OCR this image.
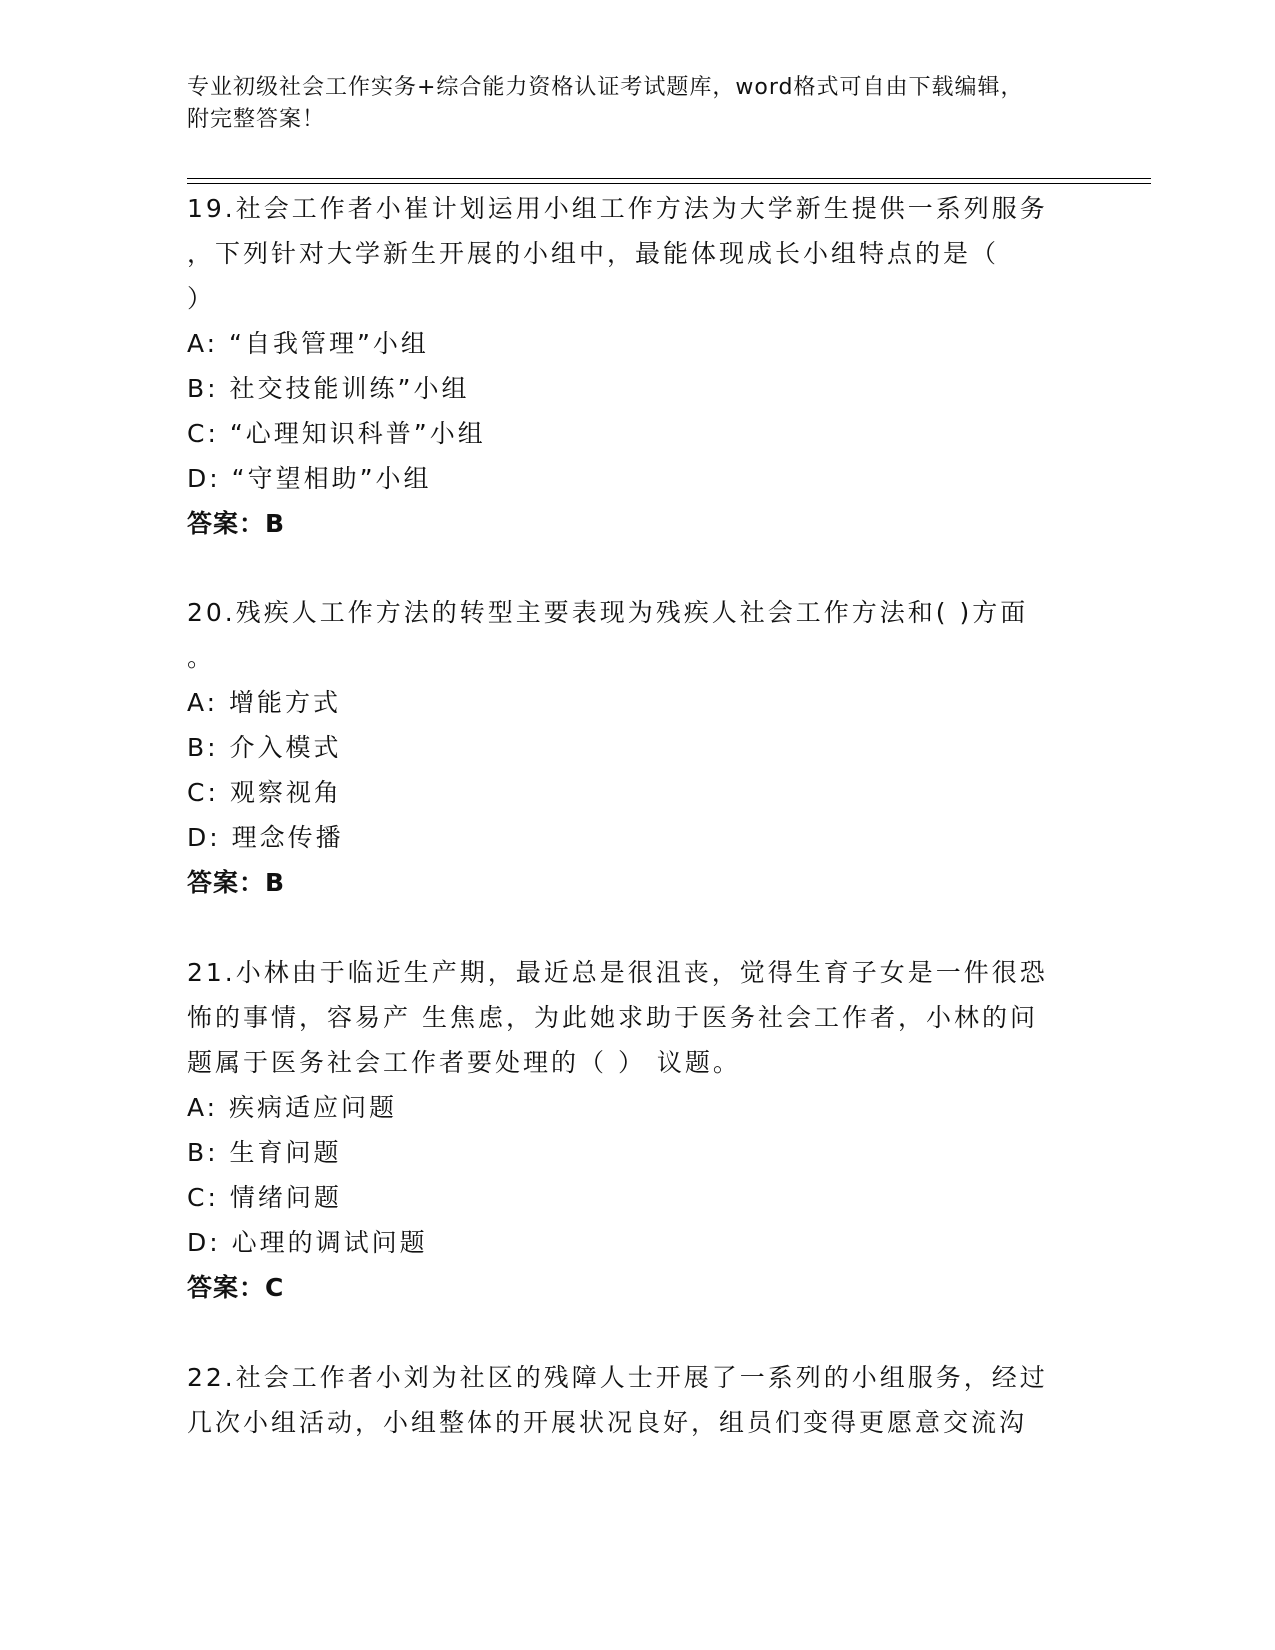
专业初级社会工作实务+综合能力资格认证考试题库，word格式可自由下载编辑，
附完整答案！
19.社会工作者小崔计划运用小组工作方法为大学新生提供一系列服务
，下列针对大学新生开展的小组中，最能体现成长小组特点的是（
）
A: “自我管理”小组
B: 社交技能训练”小组
C: “心理知识科普”小组
D: “守望相助”小组
答案：B
20.残疾人工作方法的转型主要表现为残疾人社会工作方法和( )方面
。
A: 增能方式
B: 介入模式
C: 观察视角
D: 理念传播
答案：B
21.小林由于临近生产期，最近总是很沮丧，觉得生育子女是一件很恐
怖的事情，容易产 生焦虑，为此她求助于医务社会工作者，小林的问
题属于医务社会工作者要处理的（ ） 议题。
A: 疾病适应问题
B: 生育问题
C: 情绪问题
D: 心理的调试问题
答案：C
22.社会工作者小刘为社区的残障人士开展了一系列的小组服务，经过
几次小组活动，小组整体的开展状况良好，组员们变得更愿意交流沟
